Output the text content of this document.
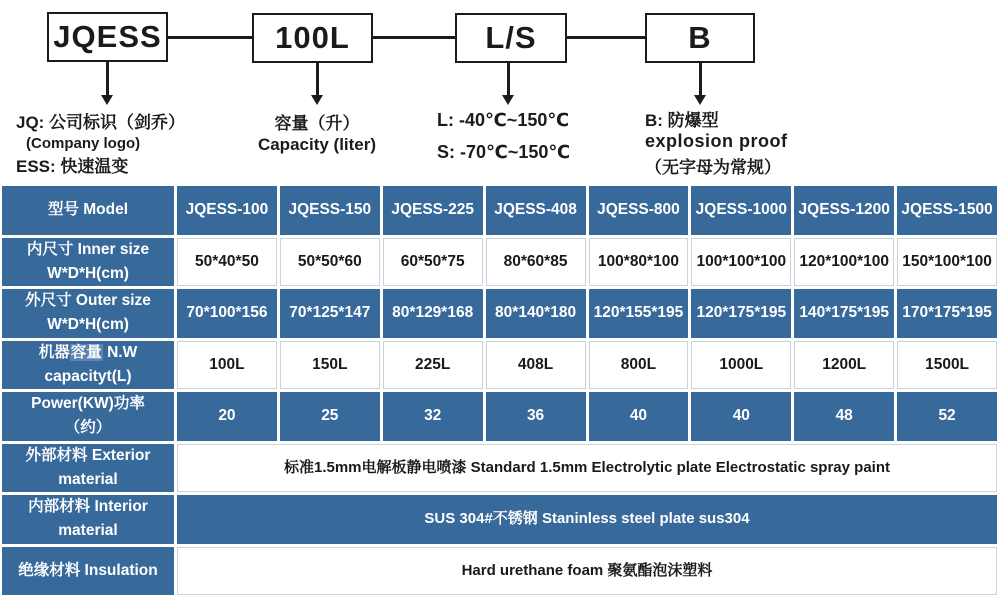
JQESS	100L	L/S	B
JQ: 公司标识（剑乔）
(Company logo)
ESS: 快速温变
容量（升）
Capacity (liter)
L: -40℃~150℃
S: -70℃~150℃
B: 防爆型
explosion proof
（无字母为常规）
型号 Model	JQESS-100 JQESS-150 JQESS-225 JQESS-408 JQESS-800 JQESS-1000 JQESS-1200 JQESS-1500
内尺寸 Inner size
W*D*H(cm)
50*40*50	50*50*60	60*50*75	80*60*85 100*80*100 100*100*100 120*100*100 150*100*100
外尺寸 Outer size
W*D*H(cm)
70*100*156 70*125*147 80*129*168 80*140*180 120*155*195 120*175*195 140*175*195 170*175*195
机器容量 N.W
capacityt(L)
100L	150L	225L	408L	800L	1000L	1200L	1500L
Power(KW)功率
（约）
20	25	32	36	40	40	48	52
外部材料 Exterior
material
标准1.5mm电解板静电喷漆 Standard 1.5mm Electrolytic plate Electrostatic spray paint
内部材料 Interior
material
SUS 304#不锈钢 Staninless steel plate sus304
绝缘材料 Insulation	Hard urethane foam 聚氨酯泡沫塑料
